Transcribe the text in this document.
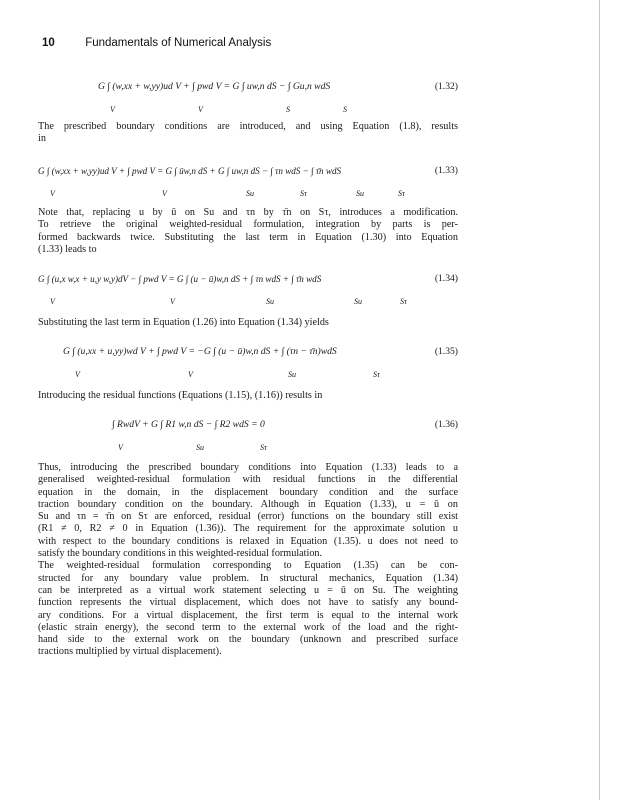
10	Fundamentals of Numerical Analysis
G ∫ (w,xx + w,yy)ud V + ∫ pwd V = G ∫ uw,n dS − ∫ Gu,n wdS
V	V	S	S
(1.32)
The prescribed boundary conditions are introduced, and using Equation (1.8), results
in
G ∫ (w,xx + w,yy)ud V + ∫ pwd V = G ∫ ūw,n dS + G ∫ uw,n dS − ∫ τn wdS − ∫ τ̄n wdS
V	V	Su	Sτ	Su	Sτ
(1.33)
Note that, replacing u by ū on Su and τn by τ̄n on Sτ, introduces a modification.
To retrieve the original weighted-residual formulation, integration by parts is per-
formed backwards twice. Substituting the last term in Equation (1.30) into Equation
(1.33) leads to
G ∫ (u,x w,x + u,y w,y)dV − ∫ pwd V = G ∫ (u − ū)w,n dS + ∫ τn wdS + ∫ τ̄n wdS
V	V	Su	Su	Sτ
(1.34)
Substituting the last term in Equation (1.26) into Equation (1.34) yields
G ∫ (u,xx + u,yy)wd V + ∫ pwd V = −G ∫ (u − ū)w,n dS + ∫ (τn − τ̄n)wdS
V	V	Su	Sτ
(1.35)
Introducing the residual functions (Equations (1.15), (1.16)) results in
∫ RwdV + G ∫ R1 w,n dS − ∫ R2 wdS = 0
V	Su	Sτ
(1.36)
Thus, introducing the prescribed boundary conditions into Equation (1.33) leads to a
generalised weighted-residual formulation with residual functions in the differential
equation in the domain, in the displacement boundary condition and the surface
traction boundary condition on the boundary. Although in Equation (1.33), u = ū on
Su and τn = τ̄n on Sτ are enforced, residual (error) functions on the boundary still exist
(R1 ≠ 0, R2 ≠ 0 in Equation (1.36)). The requirement for the approximate solution u
with respect to the boundary conditions is relaxed in Equation (1.35). u does not need to
satisfy the boundary conditions in this weighted-residual formulation.
The weighted-residual formulation corresponding to Equation (1.35) can be con-
structed for any boundary value problem. In structural mechanics, Equation (1.34)
can be interpreted as a virtual work statement selecting u = ū on Su. The weighting
function represents the virtual displacement, which does not have to satisfy any bound-
ary conditions. For a virtual displacement, the first term is equal to the internal work
(elastic strain energy), the second term to the external work of the load and the right-
hand side to the external work on the boundary (unknown and prescribed surface
tractions multiplied by virtual displacement).
